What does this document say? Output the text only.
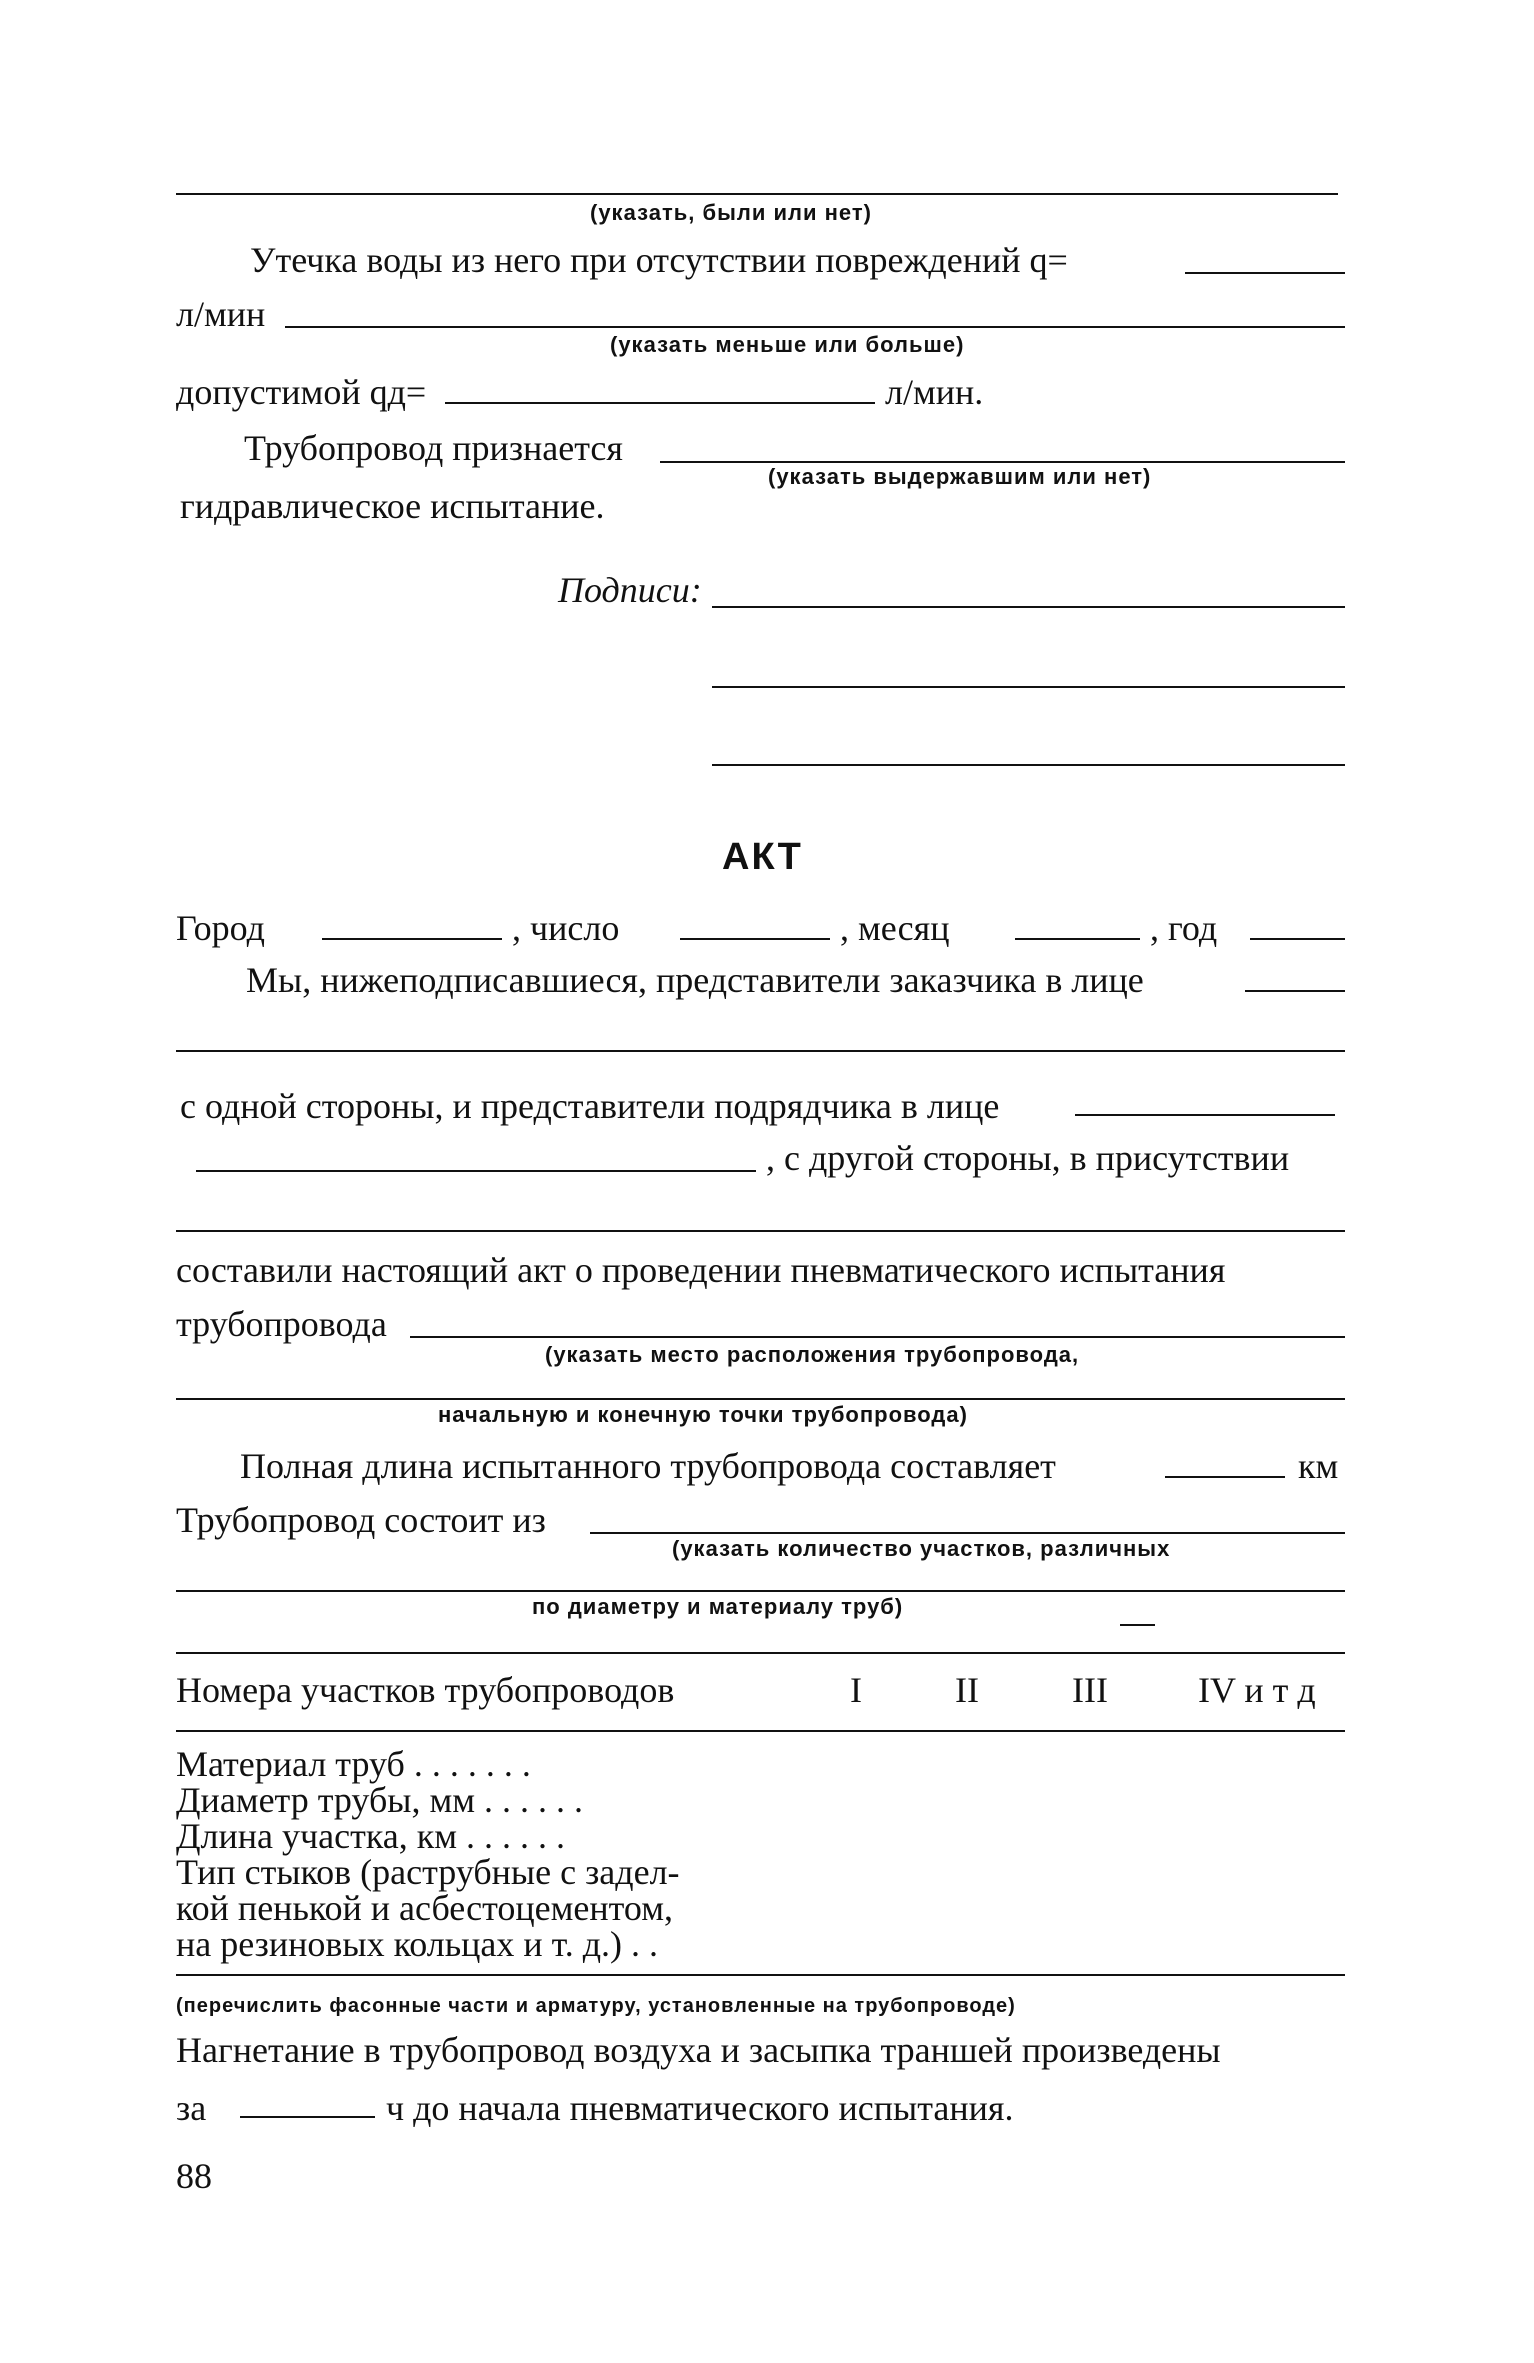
(указать, были или нет)
Утечка воды из него при отсутствии повреждений q=
л/мин
(указать меньше или больше)
допустимой qд=	л/мин.
Трубопровод признается
(указать выдержавшим или нет)
гидравлическое испытание.
Подписи:
АКТ
Город	, число	, месяц	, год
Мы, нижеподписавшиеся, представители заказчика в лице
с одной стороны, и представители подрядчика в лице
, с другой стороны, в присутствии
составили настоящий акт о проведении пневматического испытания
трубопровода
(указать место расположения трубопровода,
начальную и конечную точки трубопровода)
Полная длина испытанного трубопровода составляет	км
Трубопровод состоит из
(указать количество участков, различных
по диаметру и материалу труб)
Номера участков трубопроводов	I	II	III	IV и т д
Материал труб . . . . . . .
Диаметр трубы, мм . . . . . .
Длина участка, км . . . . . .
Тип стыков (раструбные с задел-
кой пенькой и асбестоцементом,
на резиновых кольцах и т. д.) . .
(перечислить фасонные части и арматуру, установленные на трубопроводе)
Нагнетание в трубопровод воздуха и засыпка траншей произведены
за	ч до начала пневматического испытания.
88
